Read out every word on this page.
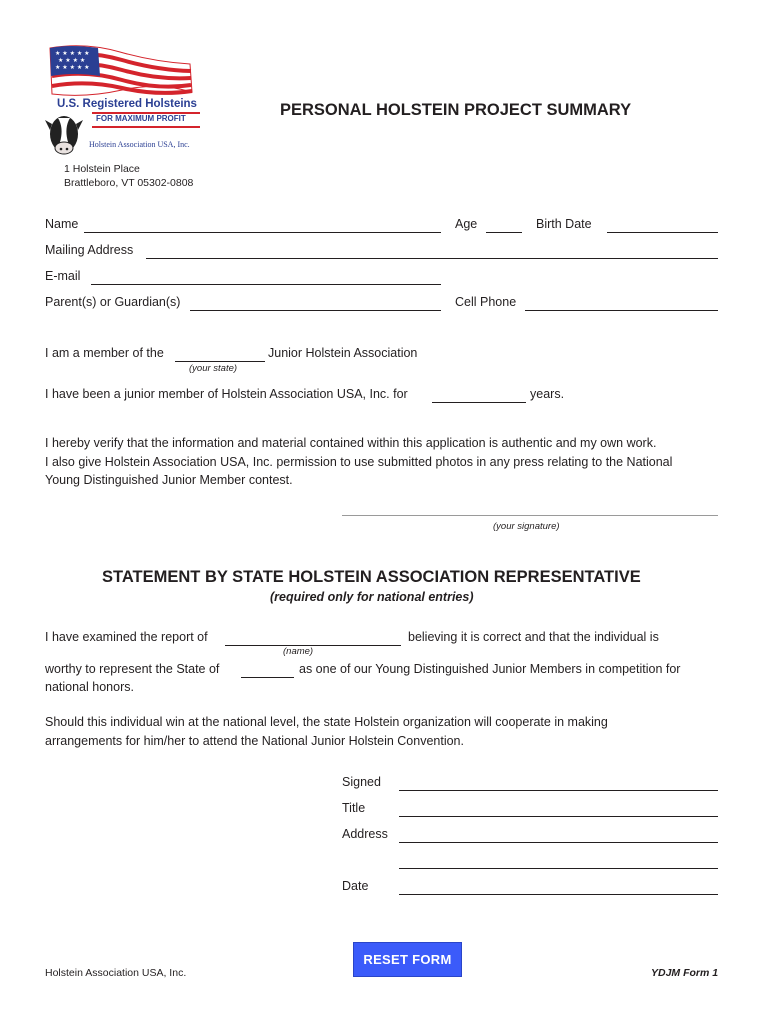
★ ★ ★ ★ ★
★ ★ ★ ★
★ ★ ★ ★ ★
U.S. Registered Holsteins
FOR MAXIMUM PROFIT
Holstein Association USA, Inc.
1 Holstein Place
Brattleboro, VT 05302-0808
PERSONAL HOLSTEIN PROJECT SUMMARY
Name	Age	Birth Date
Mailing Address
E-mail
Parent(s) or Guardian(s)	Cell Phone
I am a member of the	Junior Holstein Association
(your state)
I have been a junior member of Holstein Association USA, Inc. for	years.
I hereby verify that the information and material contained within this application is authentic and my own work.
I also give Holstein Association USA, Inc. permission to use submitted photos in any press relating to the National
Young Distinguished Junior Member contest.
(your signature)
STATEMENT BY STATE HOLSTEIN ASSOCIATION REPRESENTATIVE
(required only for national entries)
I have examined the report of	believing it is correct and that the individual is
(name)
worthy to represent the State of	as one of our Young Distinguished Junior Members in competition for
national honors.
Should this individual win at the national level, the state Holstein organization will cooperate in making
arrangements for him/her to attend the National Junior Holstein Convention.
Signed
Title
Address
Date
Holstein Association USA, Inc.
RESET FORM
YDJM Form 1
